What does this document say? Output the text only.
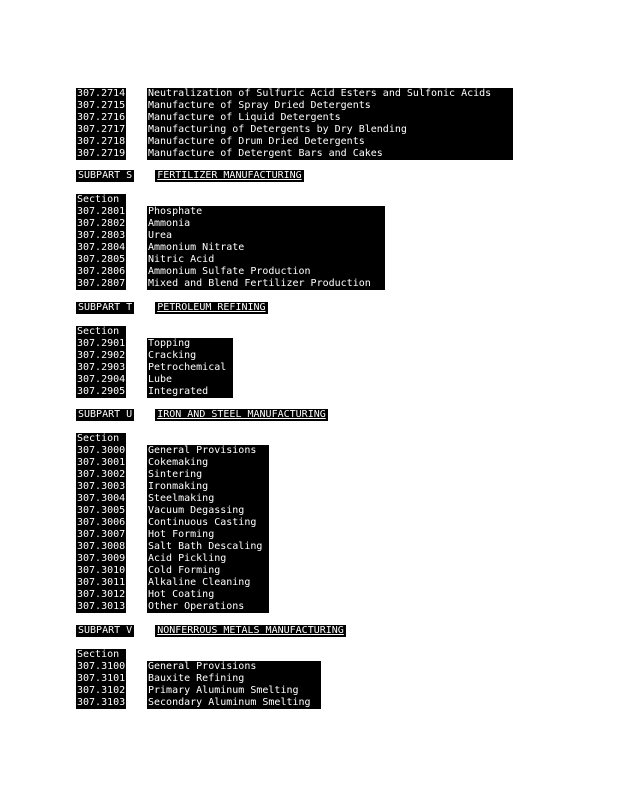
307.2714 Neutralization of Sulfuric Acid Esters and Sulfonic Acids
307.2715 Manufacture of Spray Dried Detergents
307.2716 Manufacture of Liquid Detergents
307.2717 Manufacturing of Detergents by Dry Blending
307.2718 Manufacture of Drum Dried Detergents
307.2719 Manufacture of Detergent Bars and Cakes
SUBPART S	FERTILIZER MANUFACTURING
Section
307.2801 Phosphate
307.2802 Ammonia
307.2803 Urea
307.2804 Ammonium Nitrate
307.2805 Nitric Acid
307.2806 Ammonium Sulfate Production
307.2807 Mixed and Blend Fertilizer Production
SUBPART T	PETROLEUM REFINING
Section
307.2901 Topping
307.2902 Cracking
307.2903 Petrochemical
307.2904 Lube
307.2905 Integrated
SUBPART U	IRON AND STEEL MANUFACTURING
Section
307.3000 General Provisions
307.3001 Cokemaking
307.3002 Sintering
307.3003 Ironmaking
307.3004 Steelmaking
307.3005 Vacuum Degassing
307.3006 Continuous Casting
307.3007 Hot Forming
307.3008 Salt Bath Descaling
307.3009 Acid Pickling
307.3010 Cold Forming
307.3011 Alkaline Cleaning
307.3012 Hot Coating
307.3013 Other Operations
SUBPART V	NONFERROUS METALS MANUFACTURING
Section
307.3100 General Provisions
307.3101 Bauxite Refining
307.3102 Primary Aluminum Smelting
307.3103 Secondary Aluminum Smelting
